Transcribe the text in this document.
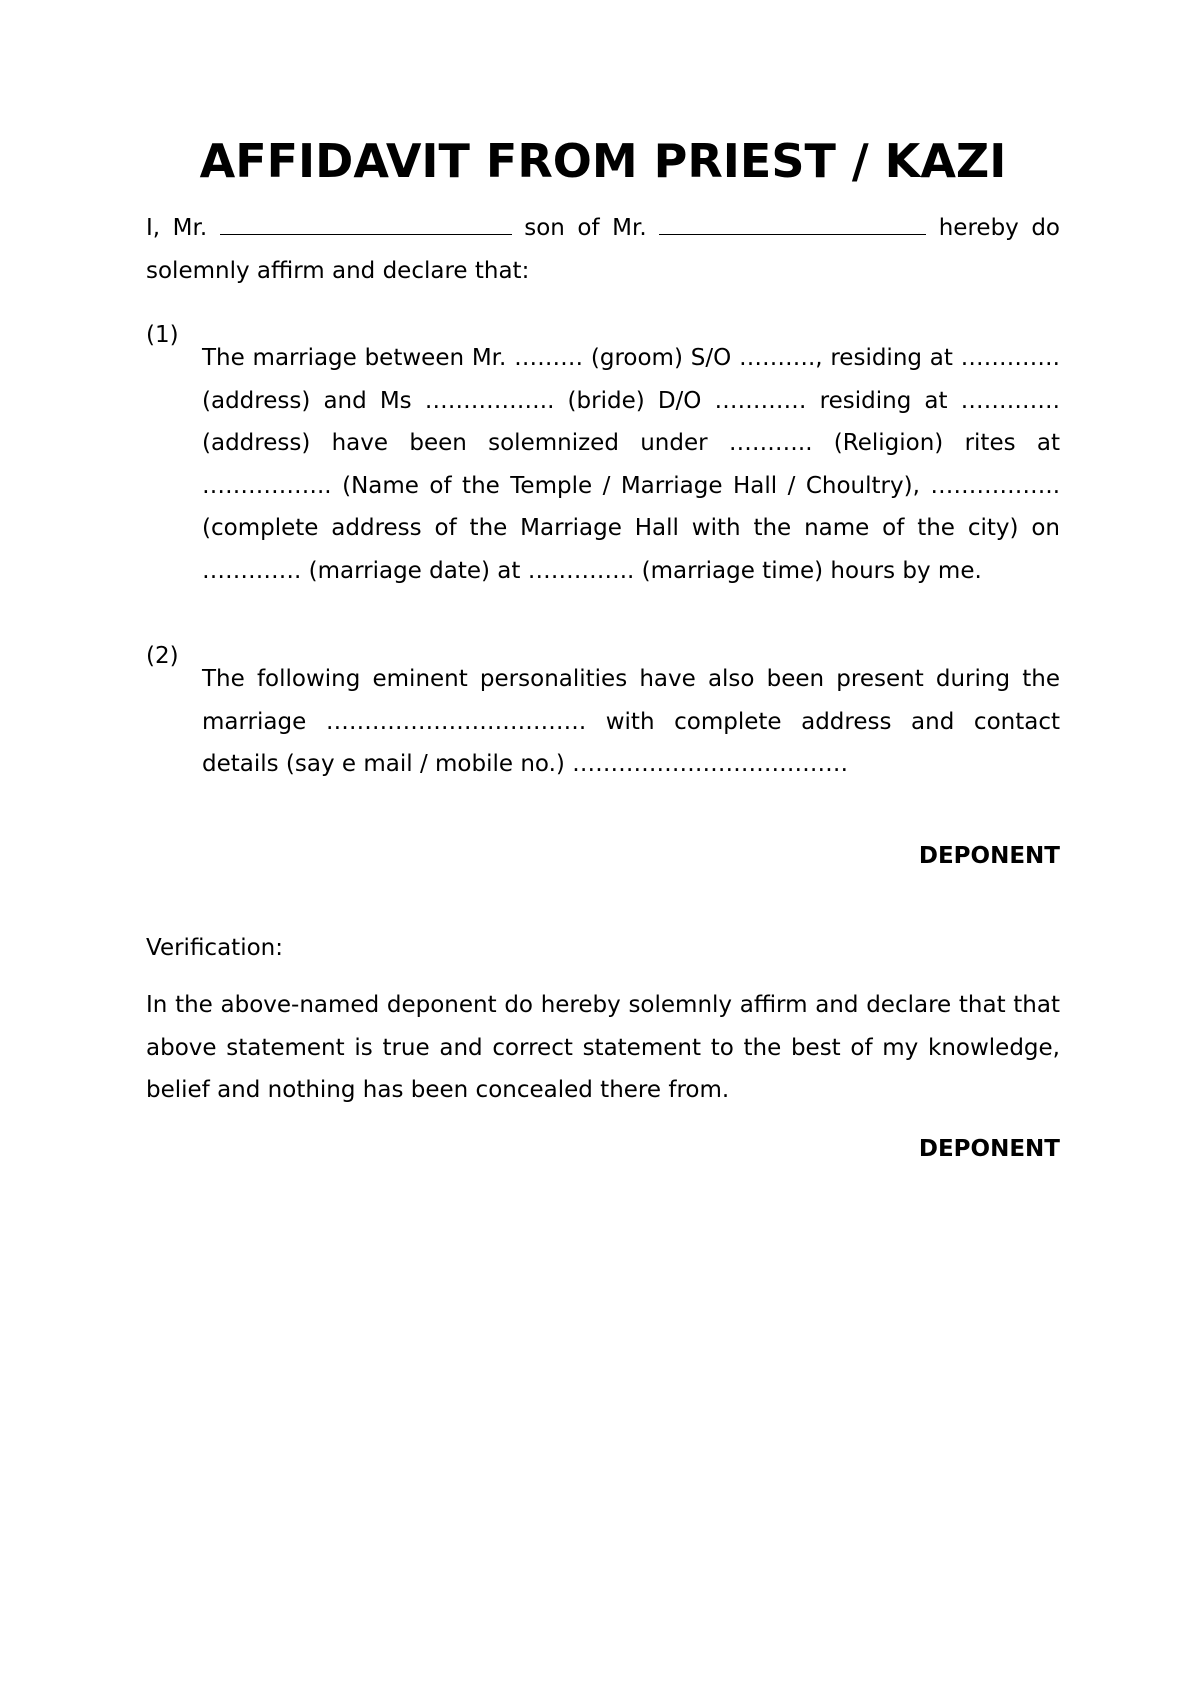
AFFIDAVIT FROM PRIEST / KAZI

I, Mr.	son of Mr.	hereby do solemnly affirm and declare that:

(1)

The marriage between Mr. ……… (groom) S/O ………., residing at ………….(address) and Ms …………….. (bride) D/O ………… residing at …………. (address) have been solemnized under ……….. (Religion) rites at …………….. (Name of the Temple / Marriage Hall / Choultry), …………….. (complete address of the Marriage Hall with the name of the city) on …………. (marriage date) at ………….. (marriage time) hours by me.

(2)

The following eminent personalities have also been present during the marriage ……………………………. with complete address and contact details (say e mail / mobile no.) ………………………………

DEPONENT

Verification:

In the above-named deponent do hereby solemnly affirm and declare that that above statement is true and correct statement to the best of my knowledge, belief and nothing has been concealed there from.

DEPONENT
